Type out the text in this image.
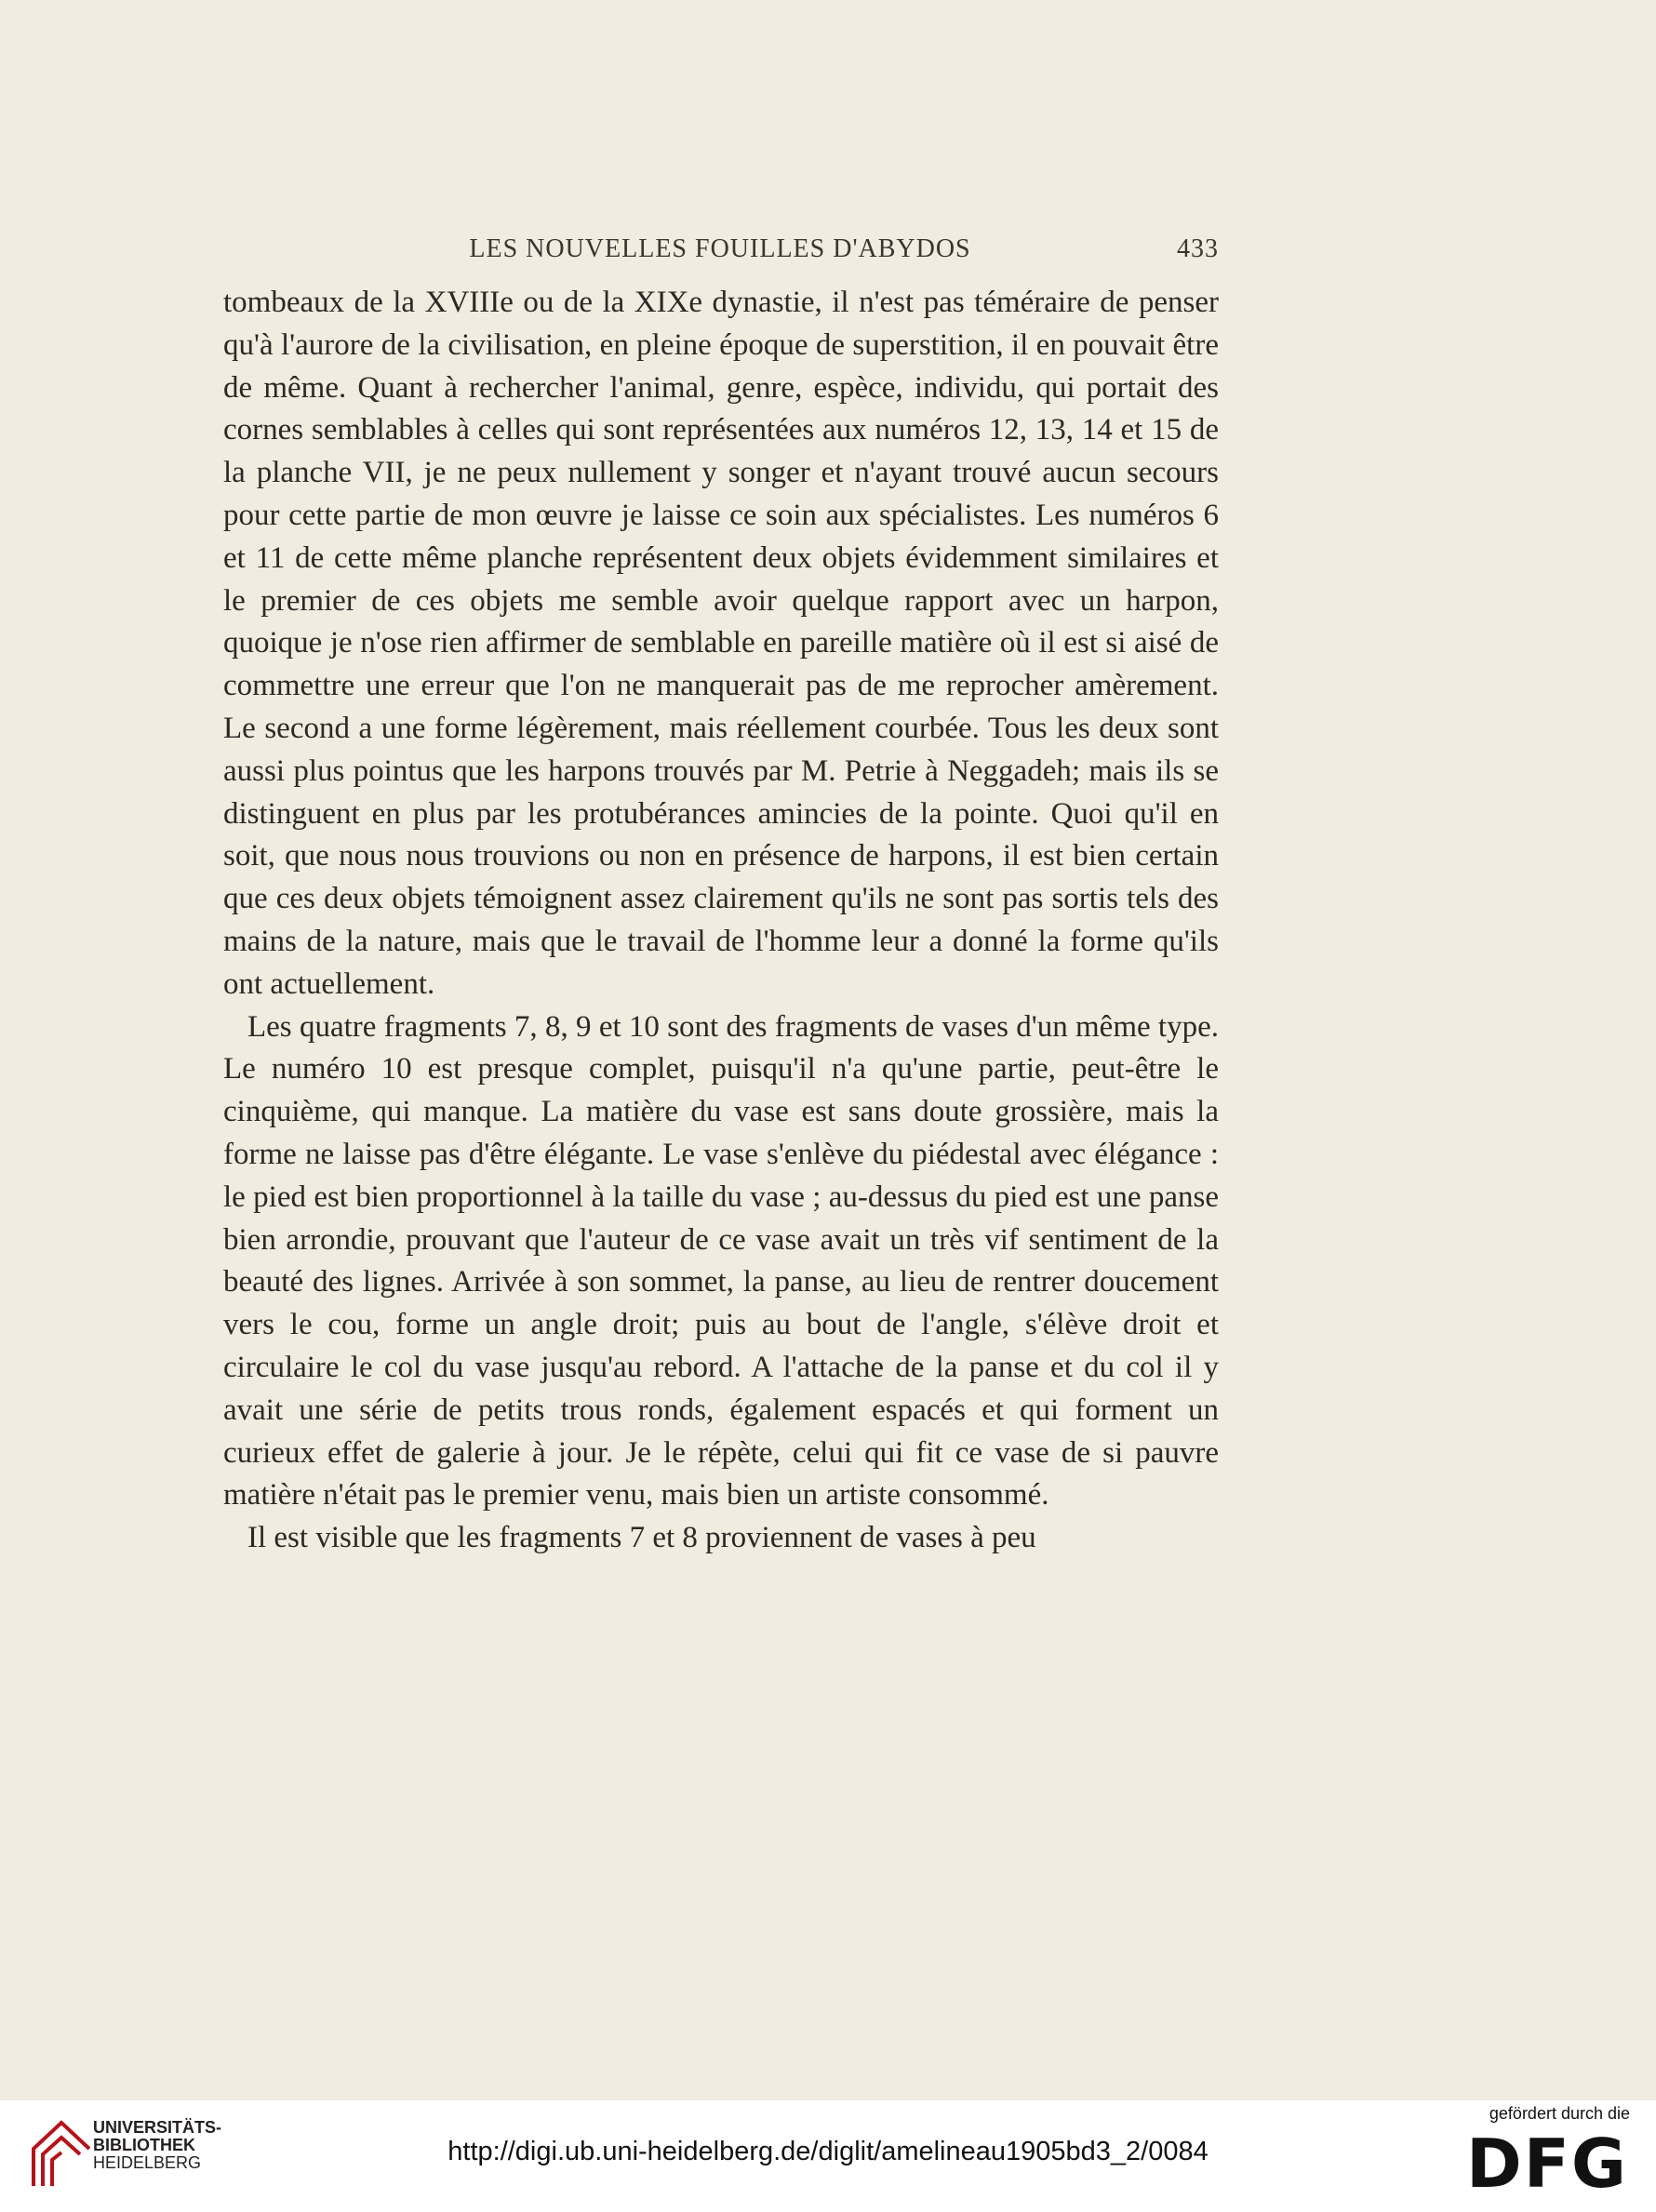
LES NOUVELLES FOUILLES D'ABYDOS	433

tombeaux de la XVIIIe ou de la XIXe dynastie, il n'est pas téméraire de penser qu'à l'aurore de la civilisation, en pleine époque de superstition, il en pouvait être de même. Quant à rechercher l'animal, genre, espèce, individu, qui portait des cornes semblables à celles qui sont représentées aux numéros 12, 13, 14 et 15 de la planche VII, je ne peux nullement y songer et n'ayant trouvé aucun secours pour cette partie de mon œuvre je laisse ce soin aux spécialistes. Les numéros 6 et 11 de cette même planche représentent deux objets évidemment similaires et le premier de ces objets me semble avoir quelque rapport avec un harpon, quoique je n'ose rien affirmer de semblable en pareille matière où il est si aisé de commettre une erreur que l'on ne manquerait pas de me reprocher amèrement. Le second a une forme légèrement, mais réellement courbée. Tous les deux sont aussi plus pointus que les harpons trouvés par M. Petrie à Neggadeh; mais ils se distinguent en plus par les protubérances amincies de la pointe. Quoi qu'il en soit, que nous nous trouvions ou non en présence de harpons, il est bien certain que ces deux objets témoignent assez clairement qu'ils ne sont pas sortis tels des mains de la nature, mais que le travail de l'homme leur a donné la forme qu'ils ont actuellement.

Les quatre fragments 7, 8, 9 et 10 sont des fragments de vases d'un même type. Le numéro 10 est presque complet, puisqu'il n'a qu'une partie, peut-être le cinquième, qui manque. La matière du vase est sans doute grossière, mais la forme ne laisse pas d'être élégante. Le vase s'enlève du piédestal avec élégance : le pied est bien proportionnel à la taille du vase ; au-dessus du pied est une panse bien arrondie, prouvant que l'auteur de ce vase avait un très vif sentiment de la beauté des lignes. Arrivée à son sommet, la panse, au lieu de rentrer doucement vers le cou, forme un angle droit; puis au bout de l'angle, s'élève droit et circulaire le col du vase jusqu'au rebord. A l'attache de la panse et du col il y avait une série de petits trous ronds, également espacés et qui forment un curieux effet de galerie à jour. Je le répète, celui qui fit ce vase de si pauvre matière n'était pas le premier venu, mais bien un artiste consommé.

Il est visible que les fragments 7 et 8 proviennent de vases à peu

UNIVERSITÄTS-
BIBLIOTHEK
HEIDELBERG	http://digi.ub.uni-heidelberg.de/diglit/amelineau1905bd3_2/0084
gefördert durch die
DFG
